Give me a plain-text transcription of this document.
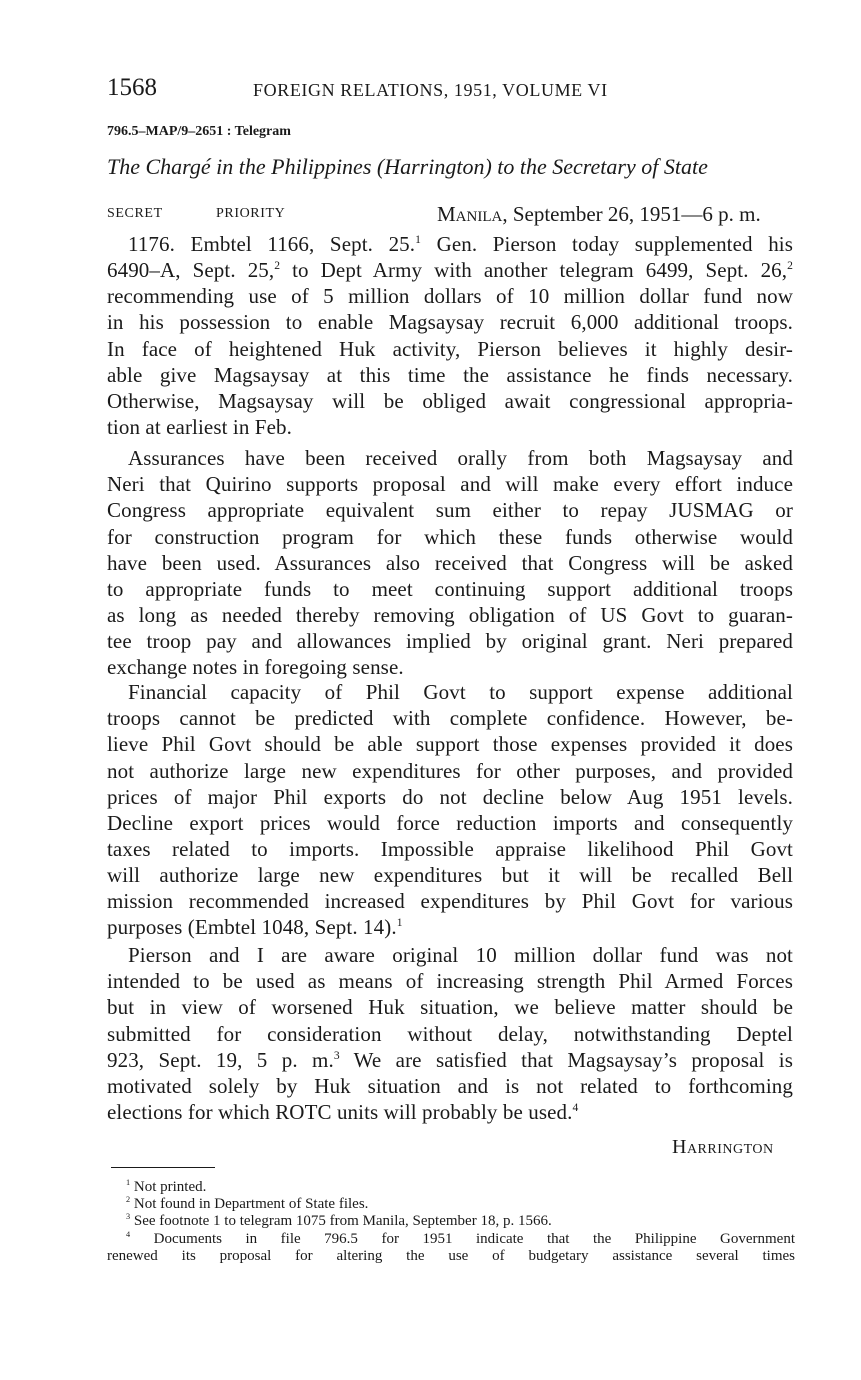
1568	FOREIGN RELATIONS, 1951, VOLUME VI
796.5–MAP/9–2651 : Telegram
The Chargé in the Philippines (Harrington) to the Secretary of State
SECRET	PRIORITY	Manila, September 26, 1951—6 p. m.
1176. Embtel 1166, Sept. 25.$^1$ Gen. Pierson today supplemented his
6490–A, Sept. 25,$^2$ to Dept Army with another telegram 6499, Sept. 26,$^2$
recommending use of 5 million dollars of 10 million dollar fund now
in his possession to enable Magsaysay recruit 6,000 additional troops.
In face of heightened Huk activity, Pierson believes it highly desir-
able give Magsaysay at this time the assistance he finds necessary.
Otherwise, Magsaysay will be obliged await congressional appropria-
tion at earliest in Feb.
Assurances have been received orally from both Magsaysay and
Neri that Quirino supports proposal and will make every effort induce
Congress appropriate equivalent sum either to repay JUSMAG or
for construction program for which these funds otherwise would
have been used. Assurances also received that Congress will be asked
to appropriate funds to meet continuing support additional troops
as long as needed thereby removing obligation of US Govt to guaran-
tee troop pay and allowances implied by original grant. Neri prepared
exchange notes in foregoing sense.
Financial capacity of Phil Govt to support expense additional
troops cannot be predicted with complete confidence. However, be-
lieve Phil Govt should be able support those expenses provided it does
not authorize large new expenditures for other purposes, and provided
prices of major Phil exports do not decline below Aug 1951 levels.
Decline export prices would force reduction imports and consequently
taxes related to imports. Impossible appraise likelihood Phil Govt
will authorize large new expenditures but it will be recalled Bell
mission recommended increased expenditures by Phil Govt for various
purposes (Embtel 1048, Sept. 14).$^1$
Pierson and I are aware original 10 million dollar fund was not
intended to be used as means of increasing strength Phil Armed Forces
but in view of worsened Huk situation, we believe matter should be
submitted for consideration without delay, notwithstanding Deptel
923, Sept. 19, 5 p. m.$^3$ We are satisfied that Magsaysay’s proposal is
motivated solely by Huk situation and is not related to forthcoming
elections for which ROTC units will probably be used.$^4$
Harrington
$^1$ Not printed.
$^2$ Not found in Department of State files.
$^3$ See footnote 1 to telegram 1075 from Manila, September 18, p. 1566.
$^4$ Documents in file 796.5 for 1951 indicate that the Philippine Government
renewed its proposal for altering the use of budgetary assistance several times
